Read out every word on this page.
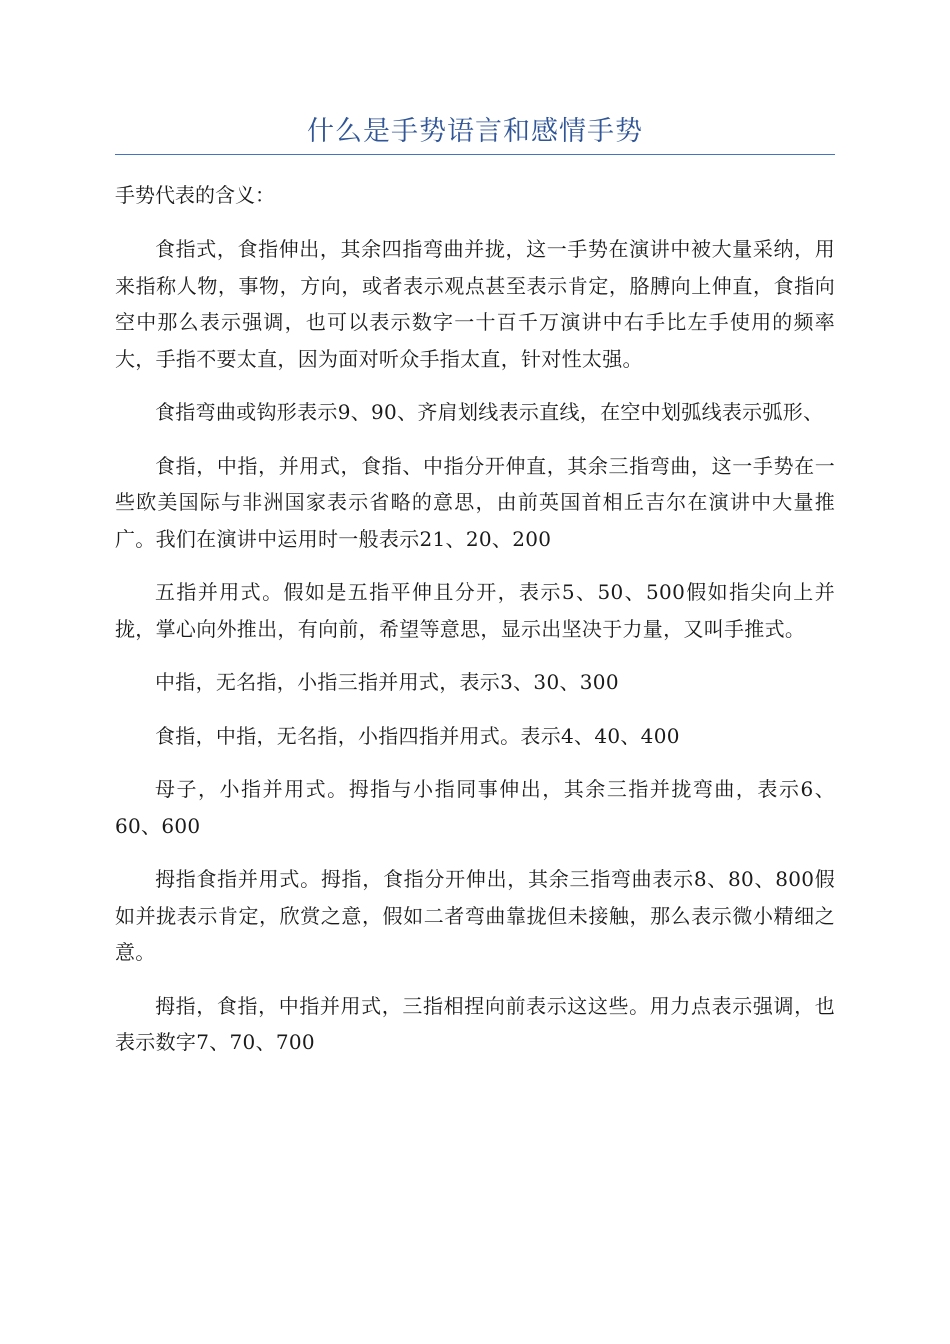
什么是手势语言和感情手势

手势代表的含义：

食指式，食指伸出，其余四指弯曲并拢，这一手势在演讲中被大量采纳，用来指称人物，事物，方向，或者表示观点甚至表示肯定，胳膊向上伸直，食指向空中那么表示强调，也可以表示数字一十百千万演讲中右手比左手使用的频率大，手指不要太直，因为面对听众手指太直，针对性太强。

食指弯曲或钩形表示9、90、齐肩划线表示直线，在空中划弧线表示弧形、

食指，中指，并用式，食指、中指分开伸直，其余三指弯曲，这一手势在一些欧美国际与非洲国家表示省略的意思，由前英国首相丘吉尔在演讲中大量推广。我们在演讲中运用时一般表示21、20、200

五指并用式。假如是五指平伸且分开，表示5、50、500假如指尖向上并拢，掌心向外推出，有向前，希望等意思，显示出坚决于力量，又叫手推式。

中指，无名指，小指三指并用式，表示3、30、300

食指，中指，无名指，小指四指并用式。表示4、40、400

母子，小指并用式。拇指与小指同事伸出，其余三指并拢弯曲，表示6、60、600

拇指食指并用式。拇指，食指分开伸出，其余三指弯曲表示8、80、800假如并拢表示肯定，欣赏之意，假如二者弯曲靠拢但未接触，那么表示微小精细之意。

拇指，食指，中指并用式，三指相捏向前表示这这些。用力点表示强调，也表示数字7、70、700
